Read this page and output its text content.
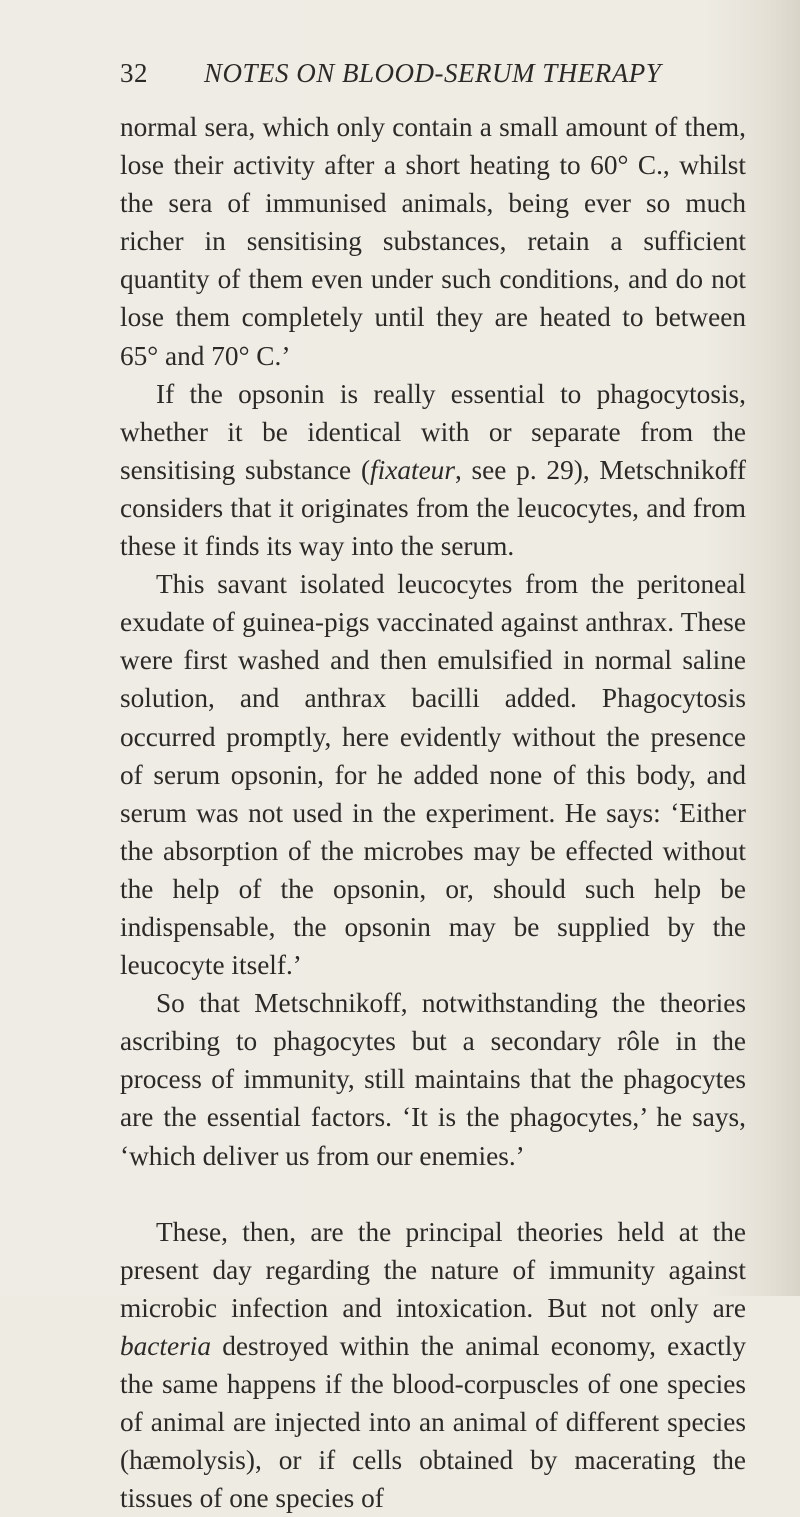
32 NOTES ON BLOOD-SERUM THERAPY

normal sera, which only contain a small amount of them, lose their activity after a short heating to 60° C., whilst the sera of immunised animals, being ever so much richer in sensitising substances, retain a sufficient quantity of them even under such conditions, and do not lose them completely until they are heated to between 65° and 70° C.’

If the opsonin is really essential to phagocytosis, whether it be identical with or separate from the sensitising substance (fixateur, see p. 29), Metschnikoff considers that it originates from the leucocytes, and from these it finds its way into the serum.

This savant isolated leucocytes from the peritoneal exudate of guinea-pigs vaccinated against anthrax. These were first washed and then emulsified in normal saline solution, and anthrax bacilli added. Phagocytosis occurred promptly, here evidently without the presence of serum opsonin, for he added none of this body, and serum was not used in the experiment. He says: ‘Either the absorption of the microbes may be effected without the help of the opsonin, or, should such help be indispensable, the opsonin may be supplied by the leucocyte itself.’

So that Metschnikoff, notwithstanding the theories ascribing to phagocytes but a secondary rôle in the process of immunity, still maintains that the phagocytes are the essential factors. ‘It is the phagocytes,’ he says, ‘which deliver us from our enemies.’

These, then, are the principal theories held at the present day regarding the nature of immunity against microbic infection and intoxication. But not only are bacteria destroyed within the animal economy, exactly the same happens if the blood-corpuscles of one species of animal are injected into an animal of different species (hæmolysis), or if cells obtained by macerating the tissues of one species of
